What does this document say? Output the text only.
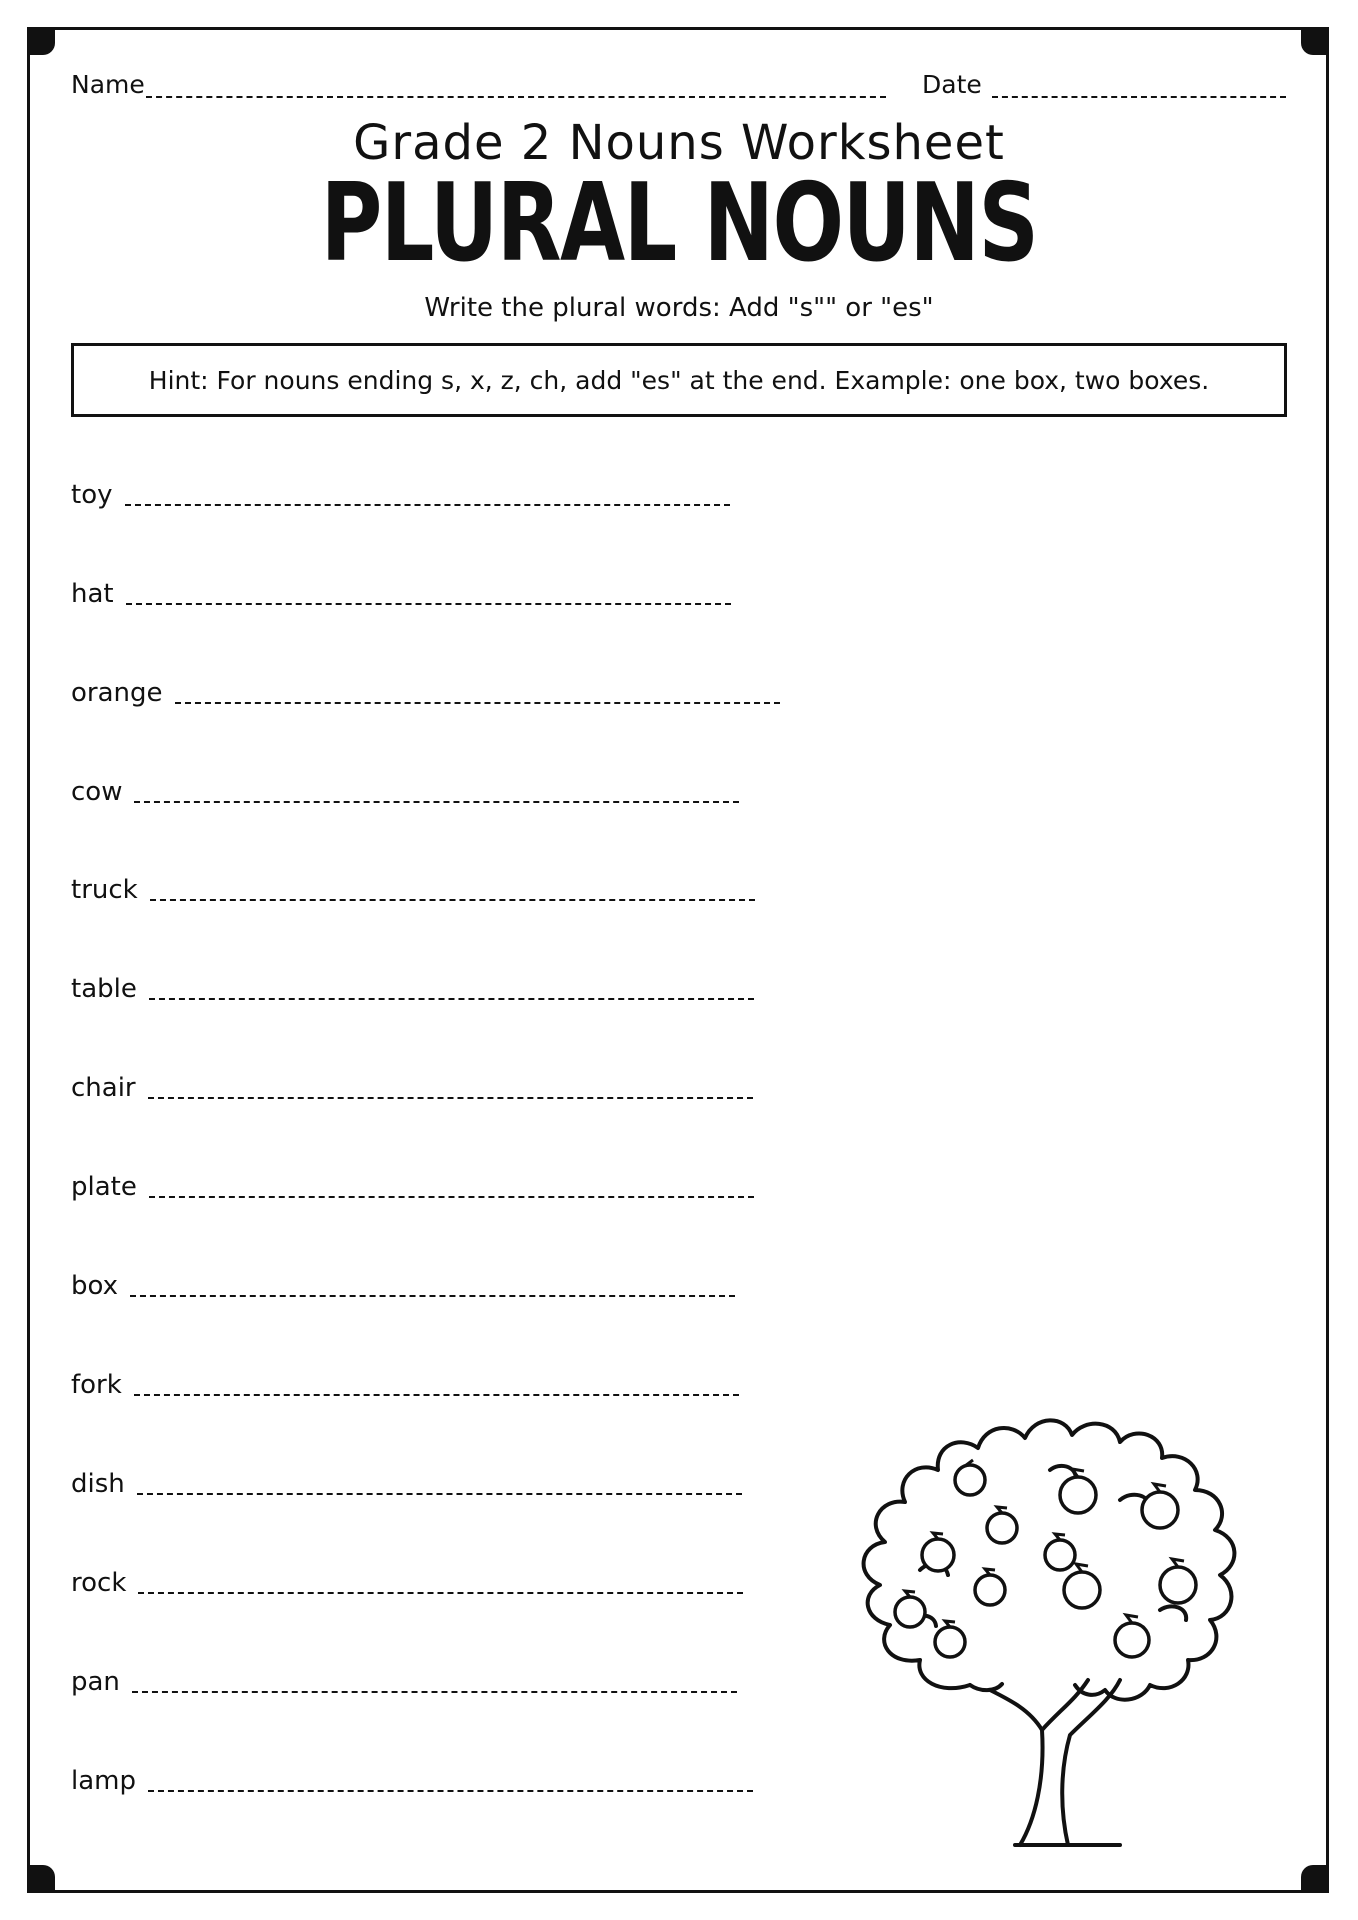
Name	Date
Grade 2 Nouns Worksheet
PLURAL NOUNS
Write the plural words: Add "s"" or "es"
Hint: For nouns ending s, x, z, ch, add "es" at the end. Example: one box, two boxes.
toy
hat
orange
cow
truck
table
chair
plate
box
fork
dish
rock
pan
lamp
